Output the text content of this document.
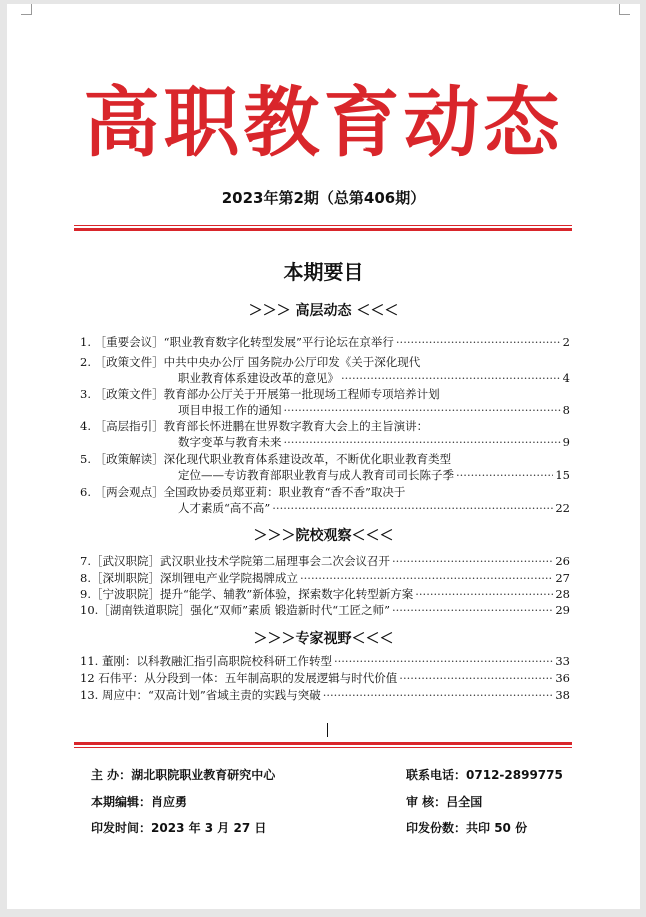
高职教育动态
2023年第2期（总第406期）
本期要目
＞＞＞ 高层动态 ＜＜＜
1. ［重要会议］“职业教育数字化转型发展”平行论坛在京举行 ·····	2
2. ［政策文件］中共中央办公厅 国务院办公厅印发《关于深化现代
职业教育体系建设改革的意见》 ·····	4
3. ［政策文件］教育部办公厅关于开展第一批现场工程师专项培养计划
项目申报工作的通知 ·····	8
4. ［高层指引］教育部长怀进鹏在世界数字教育大会上的主旨演讲：
数字变革与教育未来 ·····	9
5. ［政策解读］深化现代职业教育体系建设改革，不断优化职业教育类型
定位——专访教育部职业教育与成人教育司司长陈子季 ·····	15
6. ［两会观点］全国政协委员郑亚莉：职业教育“香不香”取决于
人才素质“高不高” ·····	22
＞＞＞院校观察＜＜＜
7.［武汉职院］武汉职业技术学院第二届理事会二次会议召开 ·····	26
8.［深圳职院］深圳锂电产业学院揭牌成立 ·····	27
9.［宁波职院］提升“能学、辅教”新体验，探索数字化转型新方案 ·····	28
10.［湖南铁道职院］强化“双师”素质 锻造新时代“工匠之师” ·····	29
＞＞＞专家视野＜＜＜
11. 董刚：以科教融汇指引高职院校科研工作转型 ·····	33
12 石伟平：从分段到一体：五年制高职的发展逻辑与时代价值 ·····	36
13. 周应中：“双高计划”省域主责的实践与突破 ·····	38
主 办：湖北职院职业教育研究中心	联系电话：0712-2899775
本期编辑：肖应勇	审 核：吕全国
印发时间：2023 年 3 月 27 日	印发份数：共印 50 份
